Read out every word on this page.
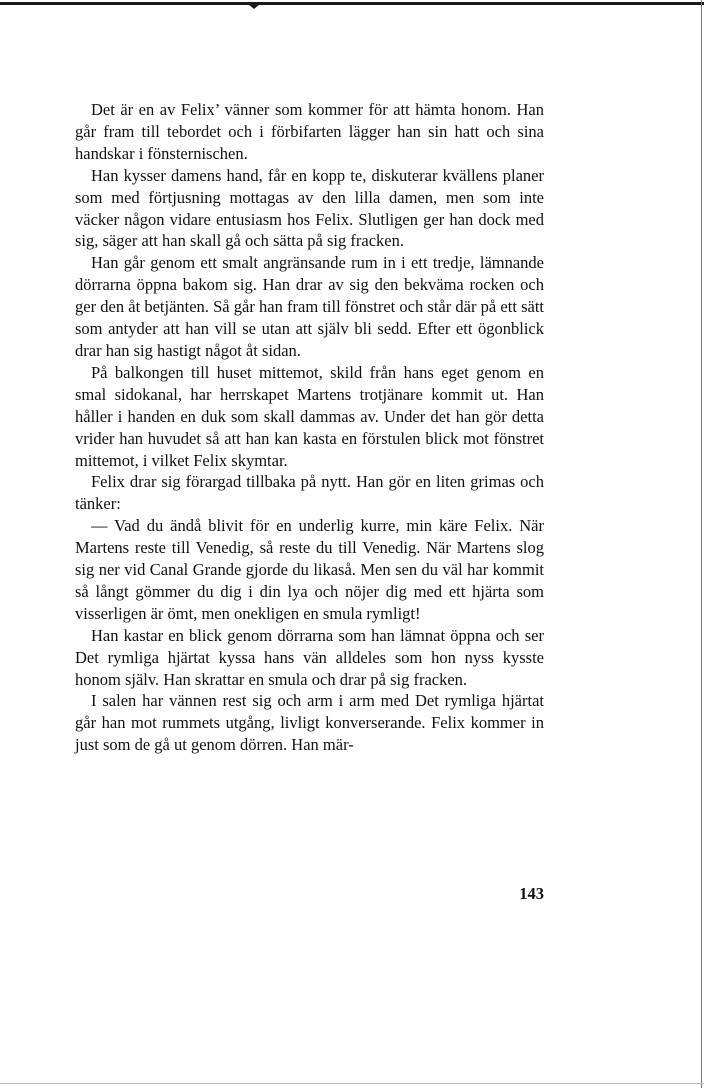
Det är en av Felix’ vänner som kommer för att hämta honom. Han går fram till tebordet och i förbifarten lägger han sin hatt och sina handskar i fönsternischen.

Han kysser damens hand, får en kopp te, diskuterar kvällens planer som med förtjusning mottagas av den lilla damen, men som inte väcker någon vidare entusiasm hos Felix. Slutligen ger han dock med sig, säger att han skall gå och sätta på sig fracken.

Han går genom ett smalt angränsande rum in i ett tredje, lämnande dörrarna öppna bakom sig. Han drar av sig den bekväma rocken och ger den åt betjänten. Så går han fram till fönstret och står där på ett sätt som antyder att han vill se utan att själv bli sedd. Efter ett ögonblick drar han sig hastigt något åt sidan.

På balkongen till huset mittemot, skild från hans eget genom en smal sidokanal, har herrskapet Martens trotjänare kommit ut. Han håller i handen en duk som skall dammas av. Under det han gör detta vrider han huvudet så att han kan kasta en förstulen blick mot fönstret mittemot, i vilket Felix skymtar.

Felix drar sig förargad tillbaka på nytt. Han gör en liten grimas och tänker:

— Vad du ändå blivit för en underlig kurre, min käre Felix. När Martens reste till Venedig, så reste du till Venedig. När Martens slog sig ner vid Canal Grande gjorde du likaså. Men sen du väl har kommit så långt gömmer du dig i din lya och nöjer dig med ett hjärta som visserligen är ömt, men onekligen en smula rymligt!

Han kastar en blick genom dörrarna som han lämnat öppna och ser Det rymliga hjärtat kyssa hans vän alldeles som hon nyss kysste honom själv. Han skrattar en smula och drar på sig fracken.

I salen har vännen rest sig och arm i arm med Det rymliga hjärtat går han mot rummets utgång, livligt konverserande. Felix kommer in just som de gå ut genom dörren. Han mär-

143
